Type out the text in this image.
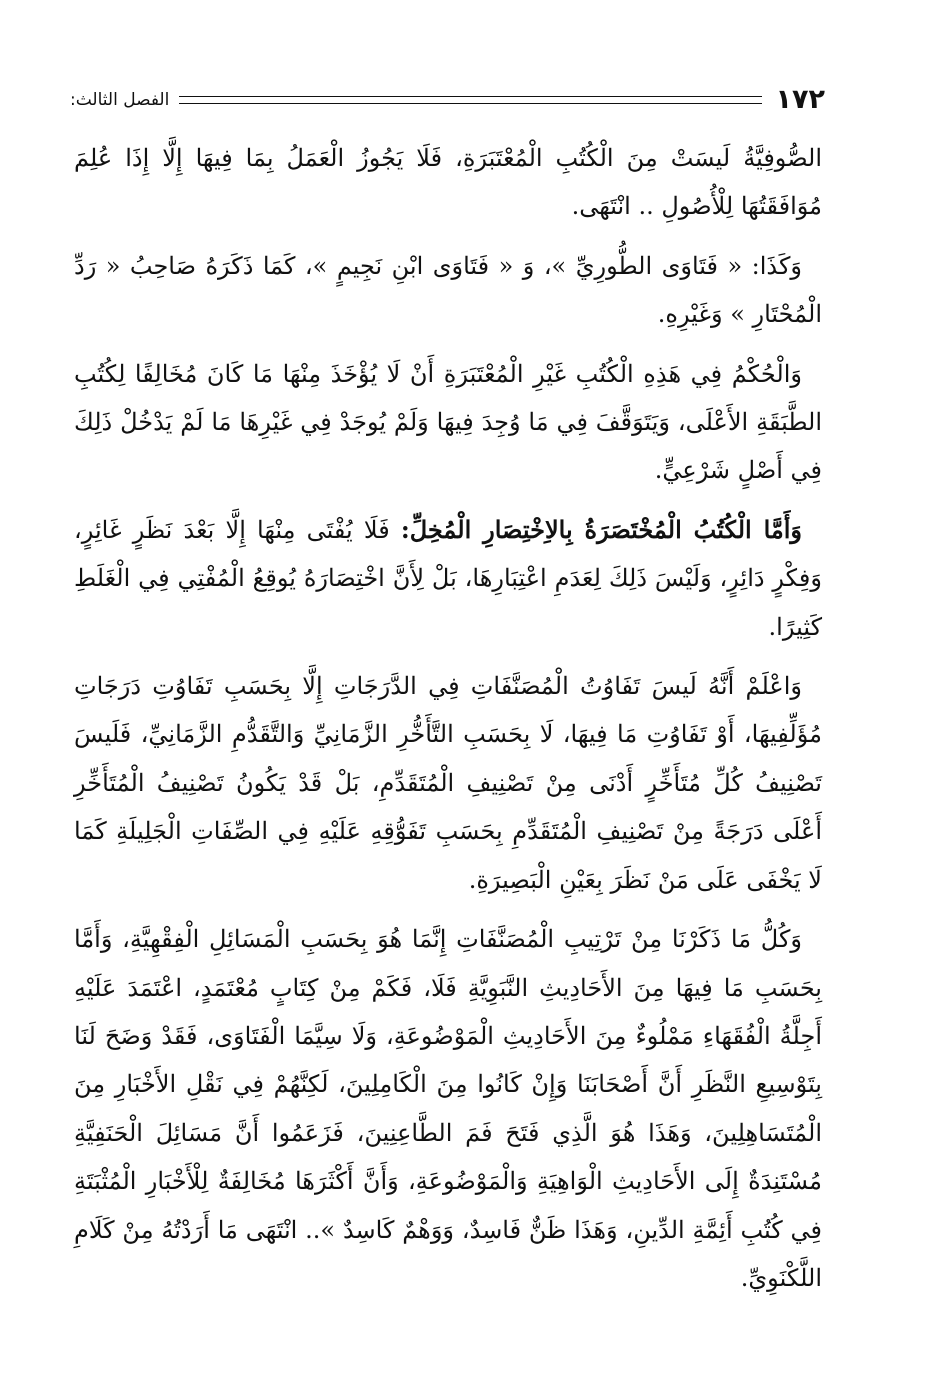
١٧٢
الفصل الثالث:

الصُّوفِيَّةُ لَيسَتْ مِنَ الْكُتُبِ الْمُعْتَبَرَةِ، فَلَا يَجُوزُ الْعَمَلُ بِمَا فِيهَا إِلَّا إِذَا عُلِمَ مُوَافَقَتُهَا لِلْأُصُولِ .. انْتَهَى.

وَكَذَا: « فَتَاوَى الطُّورِيِّ »، وَ « فَتَاوَى ابْنِ نَجِيمٍ »، كَمَا ذَكَرَهُ صَاحِبُ « رَدِّ الْمُحْتَارِ » وَغَيْرِهِ.

وَالْحُكْمُ فِي هَذِهِ الْكُتُبِ غَيْرِ الْمُعْتَبَرَةِ أَنْ لَا يُؤْخَذَ مِنْهَا مَا كَانَ مُخَالِفًا لِكُتُبِ الطَّبَقَةِ الأَعْلَى، وَيَتَوَقَّفَ فِي مَا وُجِدَ فِيهَا وَلَمْ يُوجَدْ فِي غَيْرِهَا مَا لَمْ يَدْخُلْ ذَلِكَ فِي أَصْلٍ شَرْعِيٍّ.

وَأَمَّا الْكُتُبُ الْمُخْتَصَرَةُ بِالاِخْتِصَارِ الْمُخِلِّ: فَلَا يُفْتَى مِنْهَا إِلَّا بَعْدَ نَظَرٍ غَائِرٍ، وَفِكْرٍ دَائِرٍ، وَلَيْسَ ذَلِكَ لِعَدَمِ اعْتِبَارِهَا، بَلْ لِأَنَّ اخْتِصَارَهُ يُوقِعُ الْمُفْتِي فِي الْغَلَطِ كَثِيرًا.

وَاعْلَمْ أَنَّهُ لَيسَ تَفَاوُتُ الْمُصَنَّفَاتِ فِي الدَّرَجَاتِ إِلَّا بِحَسَبِ تَفَاوُتِ دَرَجَاتِ مُؤَلِّفِيهَا، أَوْ تَفَاوُتِ مَا فِيهَا، لَا بِحَسَبِ التَّأَخُّرِ الزَّمَانِيِّ وَالتَّقَدُّمِ الزَّمَانِيِّ، فَلَيسَ تَصْنِيفُ كُلِّ مُتَأَخِّرٍ أَدْنَى مِنْ تَصْنِيفِ الْمُتَقَدِّمِ، بَلْ قَدْ يَكُونُ تَصْنِيفُ الْمُتَأَخِّرِ أَعْلَى دَرَجَةً مِنْ تَصْنِيفِ الْمُتَقَدِّمِ بِحَسَبِ تَفَوُّقِهِ عَلَيْهِ فِي الصِّفَاتِ الْجَلِيلَةِ كَمَا لَا يَخْفَى عَلَى مَنْ نَظَرَ بِعَيْنِ الْبَصِيرَةِ.

وَكُلُّ مَا ذَكَرْنَا مِنْ تَرْتِيبِ الْمُصَنَّفَاتِ إِنَّمَا هُوَ بِحَسَبِ الْمَسَائِلِ الْفِقْهِيَّةِ، وَأَمَّا بِحَسَبِ مَا فِيهَا مِنَ الأَحَادِيثِ النَّبَوِيَّةِ فَلَا، فَكَمْ مِنْ كِتَابٍ مُعْتَمَدٍ، اعْتَمَدَ عَلَيْهِ أَجِلَّةُ الْفُقَهَاءِ مَمْلُوءٌ مِنَ الأَحَادِيثِ الْمَوْضُوعَةِ، وَلَا سِيَّمَا الْفَتَاوَى، فَقَدْ وَضَحَ لَنَا بِتَوْسِيعِ النَّظَرِ أَنَّ أَصْحَابَنَا وَإِنْ كَانُوا مِنَ الْكَامِلِينَ، لَكِنَّهُمْ فِي نَقْلِ الأَخْبَارِ مِنَ الْمُتَسَاهِلِينَ، وَهَذَا هُوَ الَّذِي فَتَحَ فَمَ الطَّاعِنِينَ، فَزَعَمُوا أَنَّ مَسَائِلَ الْحَنَفِيَّةِ مُسْتَنِدَةٌ إِلَى الأَحَادِيثِ الْوَاهِيَةِ وَالْمَوْضُوعَةِ، وَأَنَّ أَكْثَرَهَا مُخَالِفَةٌ لِلْأَخْبَارِ الْمُثْبَتَةِ فِي كُتُبِ أَئِمَّةِ الدِّينِ، وَهَذَا ظَنٌّ فَاسِدٌ، وَوَهْمٌ كَاسِدٌ ».. انْتَهَى مَا أَرَدْتُهُ مِنْ كَلَامِ اللَّكْنَوِيِّ.
